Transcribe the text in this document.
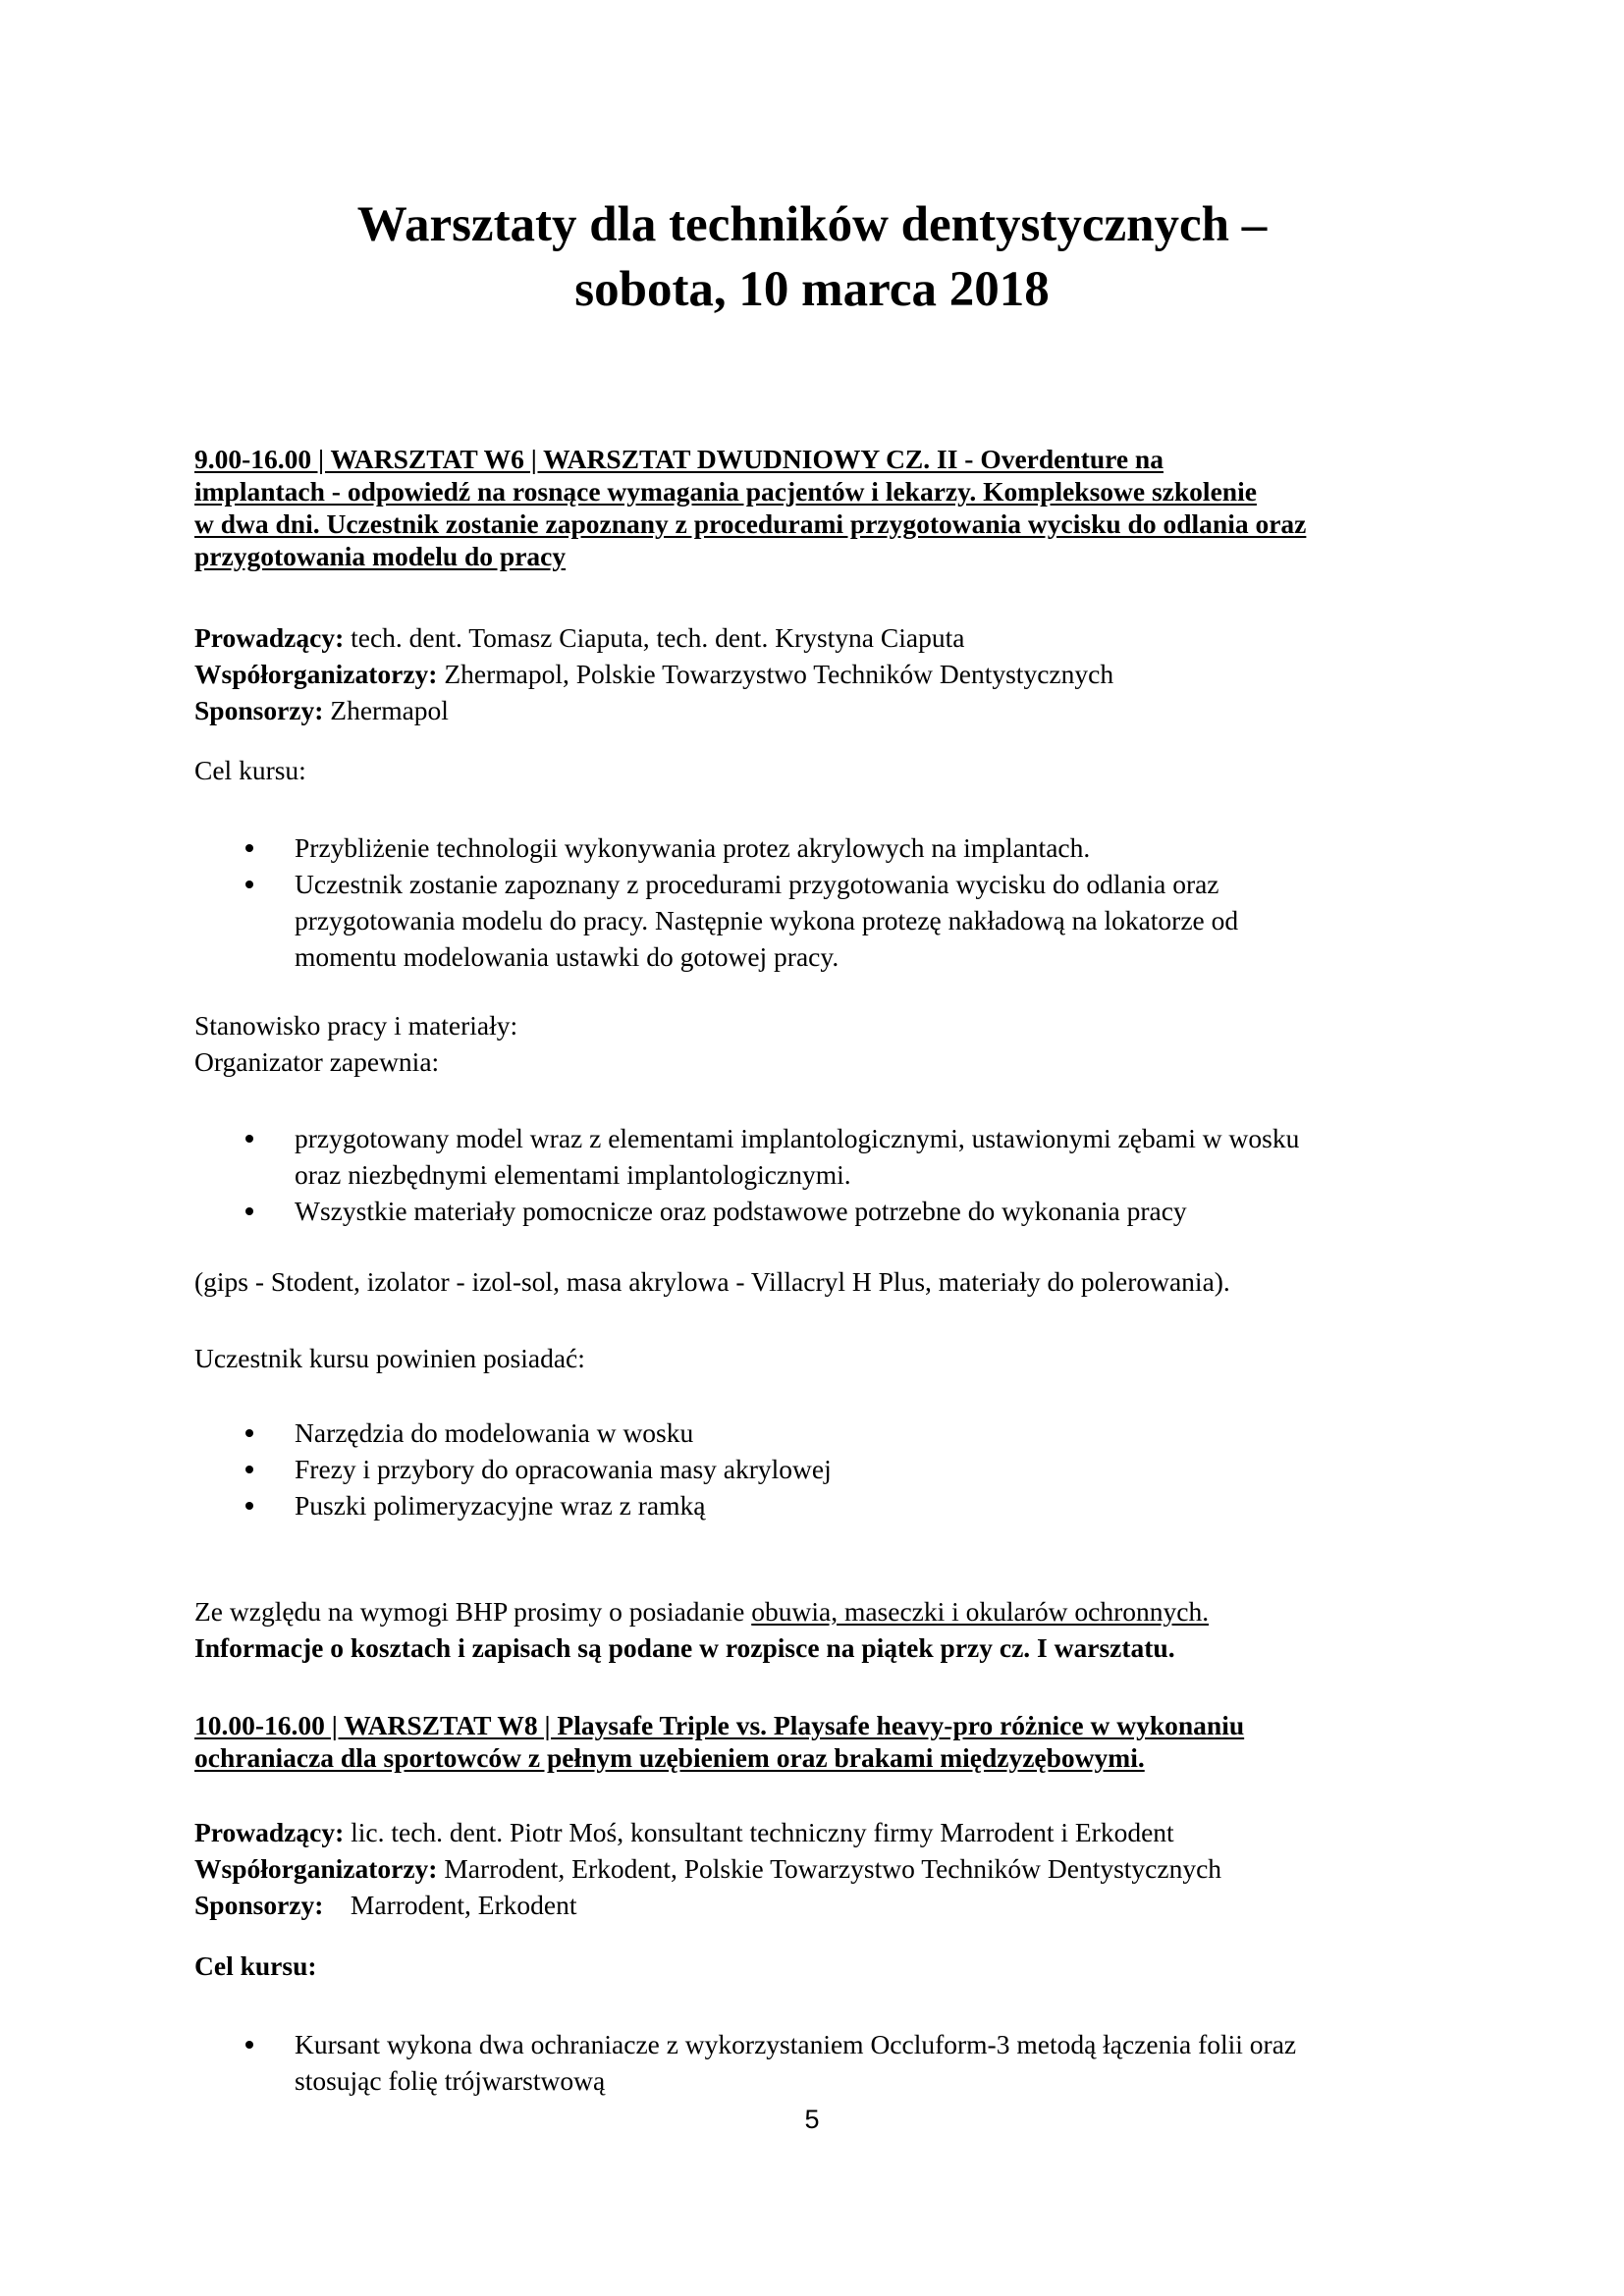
Warsztaty dla techników dentystycznych –
sobota, 10 marca 2018
9.00-16.00 | WARSZTAT W6 | WARSZTAT DWUDNIOWY CZ. II - Overdenture na
implantach - odpowiedź na rosnące wymagania pacjentów i lekarzy. Kompleksowe szkolenie
w dwa dni. Uczestnik zostanie zapoznany z procedurami przygotowania wycisku do odlania oraz
przygotowania modelu do pracy
Prowadzący: tech. dent. Tomasz Ciaputa, tech. dent. Krystyna Ciaputa
Współorganizatorzy: Zhermapol, Polskie Towarzystwo Techników Dentystycznych
Sponsorzy: Zhermapol
Cel kursu:
Przybliżenie technologii wykonywania protez akrylowych na implantach.
Uczestnik zostanie zapoznany z procedurami przygotowania wycisku do odlania oraz
przygotowania modelu do pracy. Następnie wykona protezę nakładową na lokatorze od
momentu modelowania ustawki do gotowej pracy.
Stanowisko pracy i materiały:
Organizator zapewnia:
przygotowany model wraz z elementami implantologicznymi, ustawionymi zębami w wosku
oraz niezbędnymi elementami implantologicznymi.
Wszystkie materiały pomocnicze oraz podstawowe potrzebne do wykonania pracy
(gips - Stodent, izolator - izol-sol, masa akrylowa - Villacryl H Plus, materiały do polerowania).
Uczestnik kursu powinien posiadać:
Narzędzia do modelowania w wosku
Frezy i przybory do opracowania masy akrylowej
Puszki polimeryzacyjne wraz z ramką
Ze względu na wymogi BHP prosimy o posiadanie obuwia, maseczki i okularów ochronnych.
Informacje o kosztach i zapisach są podane w rozpisce na piątek przy cz. I warsztatu.
10.00-16.00 | WARSZTAT W8 | Playsafe Triple vs. Playsafe heavy-pro różnice w wykonaniu
ochraniacza dla sportowców z pełnym uzębieniem oraz brakami międzyzębowymi.
Prowadzący: lic. tech. dent. Piotr Moś, konsultant techniczny firmy Marrodent i Erkodent
Współorganizatorzy: Marrodent, Erkodent, Polskie Towarzystwo Techników Dentystycznych
Sponsorzy:    Marrodent, Erkodent
Cel kursu:
Kursant wykona dwa ochraniacze z wykorzystaniem Occluform-3 metodą łączenia folii oraz
stosując folię trójwarstwową
5
